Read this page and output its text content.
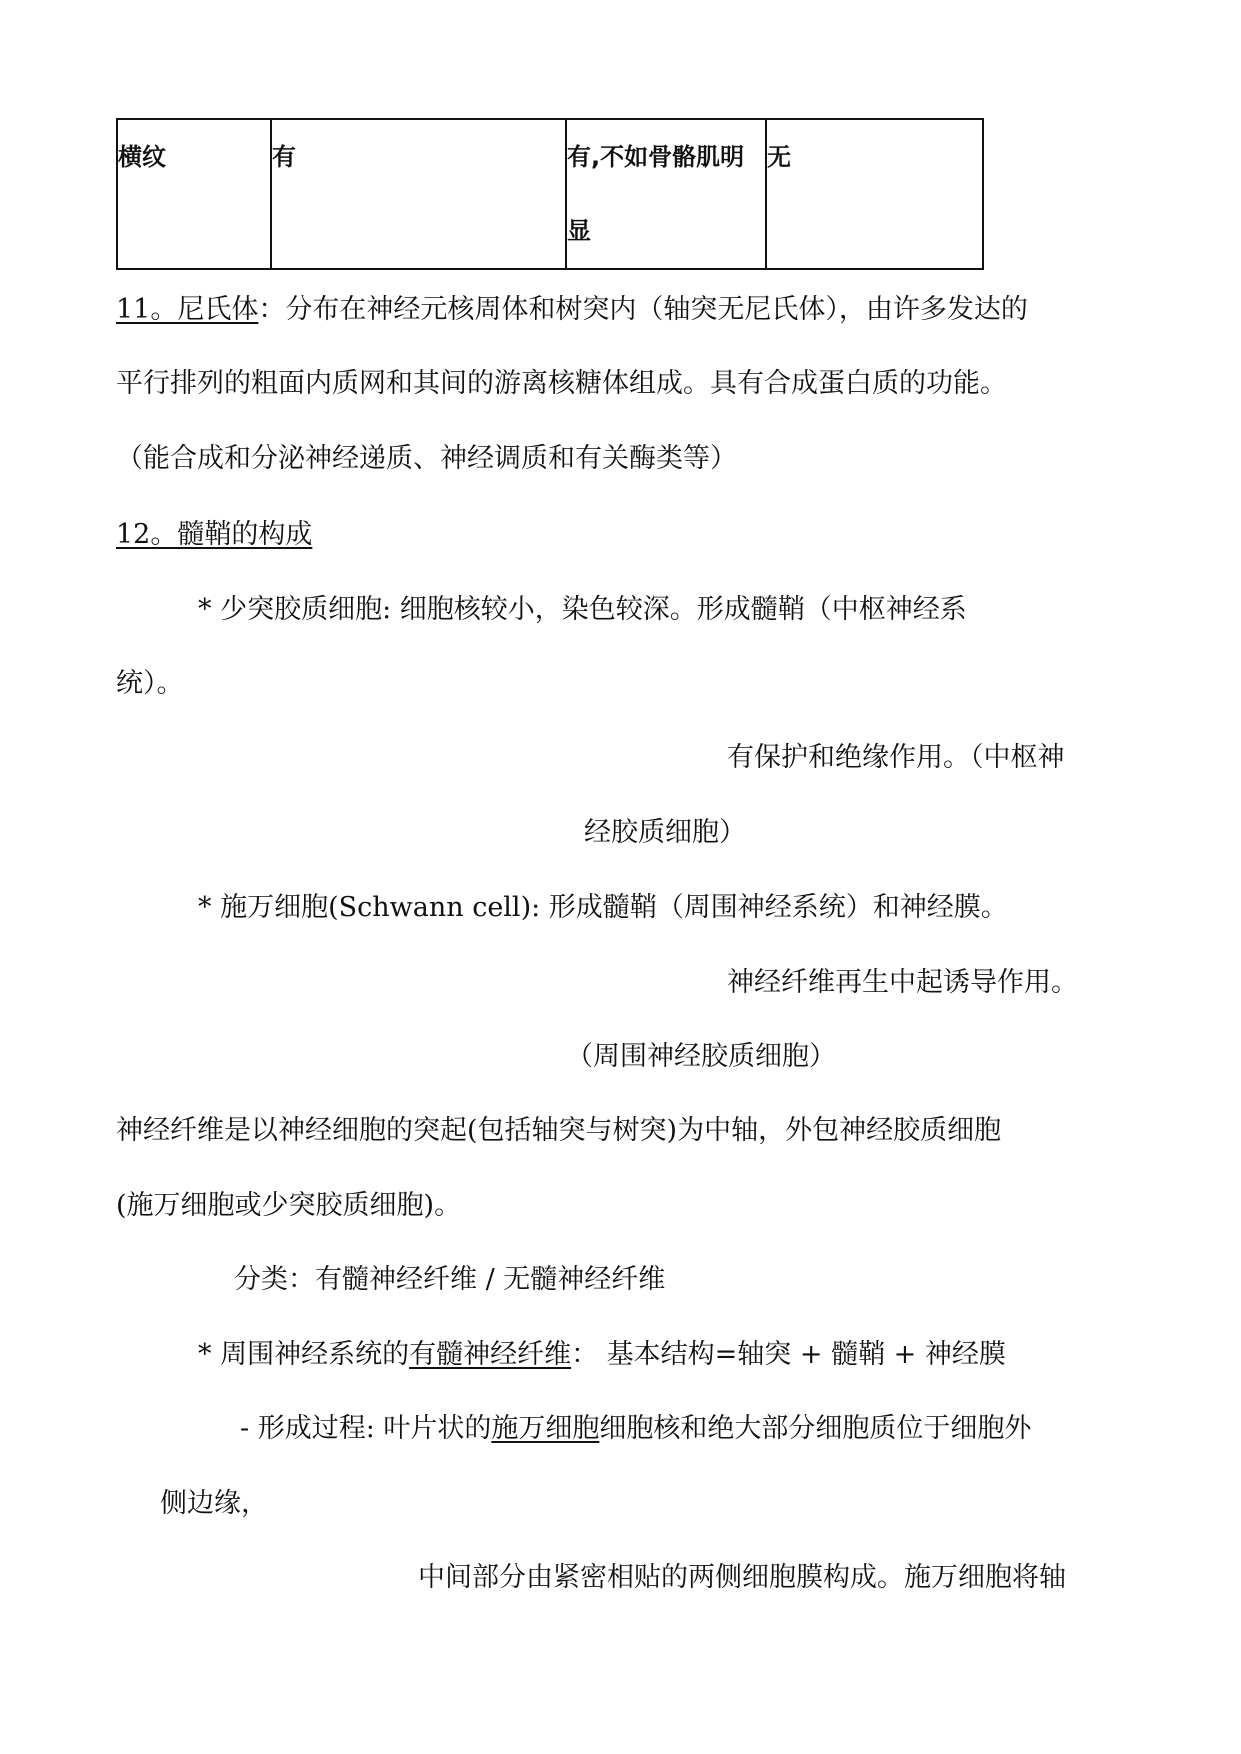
横纹	有	有,不如骨骼肌明显	无
11。尼氏体：分布在神经元核周体和树突内（轴突无尼氏体），由许多发达的
平行排列的粗面内质网和其间的游离核糖体组成。具有合成蛋白质的功能。
（能合成和分泌神经递质、神经调质和有关酶类等）
12。髓鞘的构成
* 少突胶质细胞: 细胞核较小，染色较深。形成髓鞘（中枢神经系
统）。
有保护和绝缘作用。（中枢神
经胶质细胞）
* 施万细胞(Schwann cell): 形成髓鞘（周围神经系统）和神经膜。
神经纤维再生中起诱导作用。
（周围神经胶质细胞）
神经纤维是以神经细胞的突起(包括轴突与树突)为中轴，外包神经胶质细胞
(施万细胞或少突胶质细胞)。
分类：有髓神经纤维 / 无髓神经纤维
* 周围神经系统的有髓神经纤维： 基本结构=轴突 + 髓鞘 + 神经膜
- 形成过程: 叶片状的施万细胞细胞核和绝大部分细胞质位于细胞外
侧边缘，
中间部分由紧密相贴的两侧细胞膜构成。施万细胞将轴
